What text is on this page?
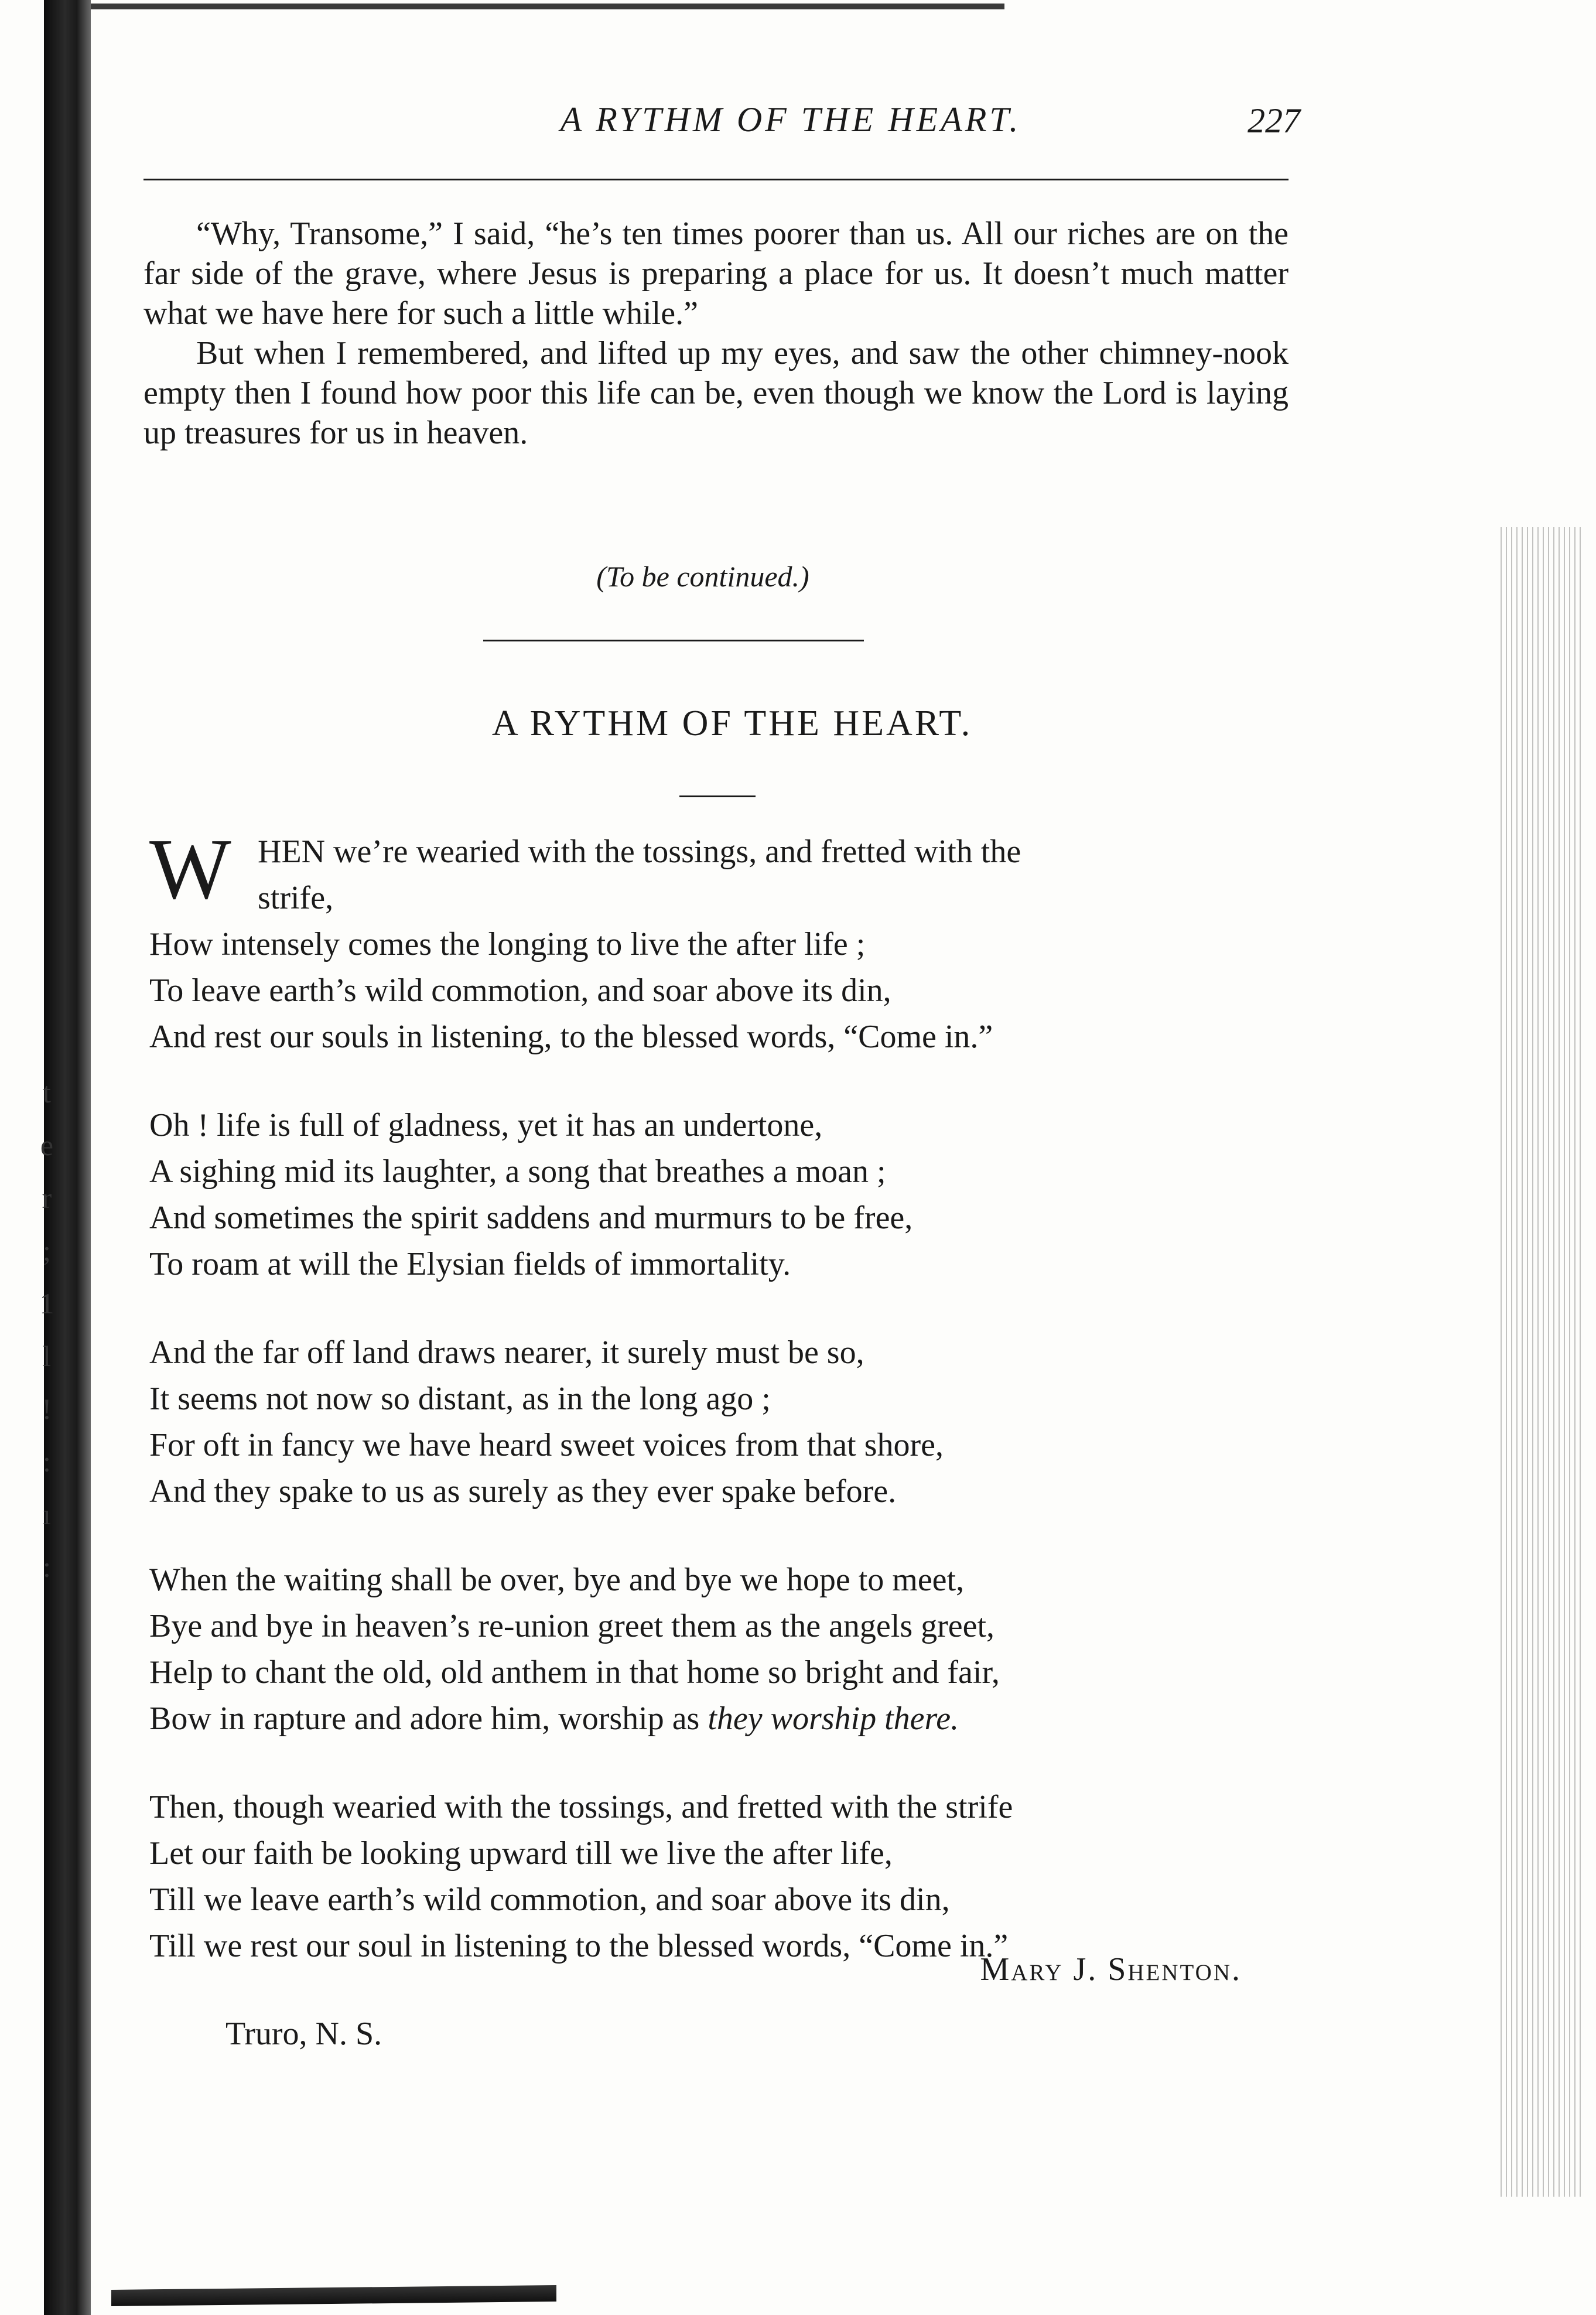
t
e
r
;
1
l
!
:
ı
:
A RYTHM OF THE HEART.	227

“Why, Transome,” I said, “he’s ten times poorer than us. All our riches are on the far side of the grave, where Jesus is preparing a place for us. It doesn’t much matter what we have here for such a little while.”

But when I remembered, and lifted up my eyes, and saw the other chimney-nook empty then I found how poor this life can be, even though we know the Lord is laying up treasures for us in heaven.

(To be continued.)
A RYTHM OF THE HEART.
W HEN we’re wearied with the tossings, and fretted with the
strife,
How intensely comes the longing to live the after life ;
To leave earth’s wild commotion, and soar above its din,
And rest our souls in listening, to the blessed words, “Come in.”
Oh ! life is full of gladness, yet it has an undertone,
A sighing mid its laughter, a song that breathes a moan ;
And sometimes the spirit saddens and murmurs to be free,
To roam at will the Elysian fields of immortality.
And the far off land draws nearer, it surely must be so,
It seems not now so distant, as in the long ago ;
For oft in fancy we have heard sweet voices from that shore,
And they spake to us as surely as they ever spake before.
When the waiting shall be over, bye and bye we hope to meet,
Bye and bye in heaven’s re-union greet them as the angels greet,
Help to chant the old, old anthem in that home so bright and fair,
Bow in rapture and adore him, worship as they worship there.
Then, though wearied with the tossings, and fretted with the strife
Let our faith be looking upward till we live the after life,
Till we leave earth’s wild commotion, and soar above its din,
Till we rest our soul in listening to the blessed words, “Come in.”
Mary J. Shenton.
Truro, N. S.
